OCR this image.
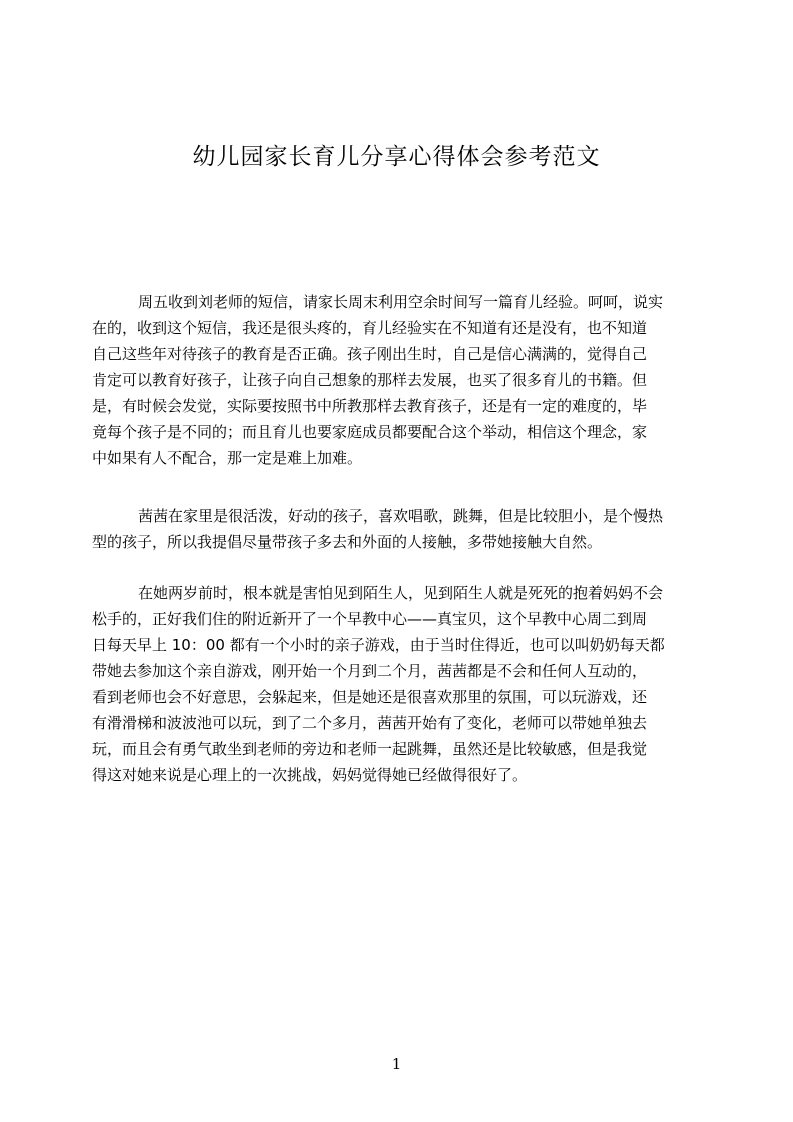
幼儿园家长育儿分享心得体会参考范文
周五收到刘老师的短信，请家长周末利用空余时间写一篇育儿经验。呵呵，说实
在的，收到这个短信，我还是很头疼的，育儿经验实在不知道有还是没有，也不知道
自己这些年对待孩子的教育是否正确。孩子刚出生时，自己是信心满满的，觉得自己
肯定可以教育好孩子，让孩子向自己想象的那样去发展，也买了很多育儿的书籍。但
是，有时候会发觉，实际要按照书中所教那样去教育孩子，还是有一定的难度的，毕
竟每个孩子是不同的；而且育儿也要家庭成员都要配合这个举动，相信这个理念，家
中如果有人不配合，那一定是难上加难。
茜茜在家里是很活泼，好动的孩子，喜欢唱歌，跳舞，但是比较胆小，是个慢热
型的孩子，所以我提倡尽量带孩子多去和外面的人接触，多带她接触大自然。
在她两岁前时，根本就是害怕见到陌生人，见到陌生人就是死死的抱着妈妈不会
松手的，正好我们住的附近新开了一个早教中心——真宝贝，这个早教中心周二到周
日每天早上 10：00 都有一个小时的亲子游戏，由于当时住得近，也可以叫奶奶每天都
带她去参加这个亲自游戏，刚开始一个月到二个月，茜茜都是不会和任何人互动的，
看到老师也会不好意思，会躲起来，但是她还是很喜欢那里的氛围，可以玩游戏，还
有滑滑梯和波波池可以玩，到了二个多月，茜茜开始有了变化，老师可以带她单独去
玩，而且会有勇气敢坐到老师的旁边和老师一起跳舞，虽然还是比较敏感，但是我觉
得这对她来说是心理上的一次挑战，妈妈觉得她已经做得很好了。
1
